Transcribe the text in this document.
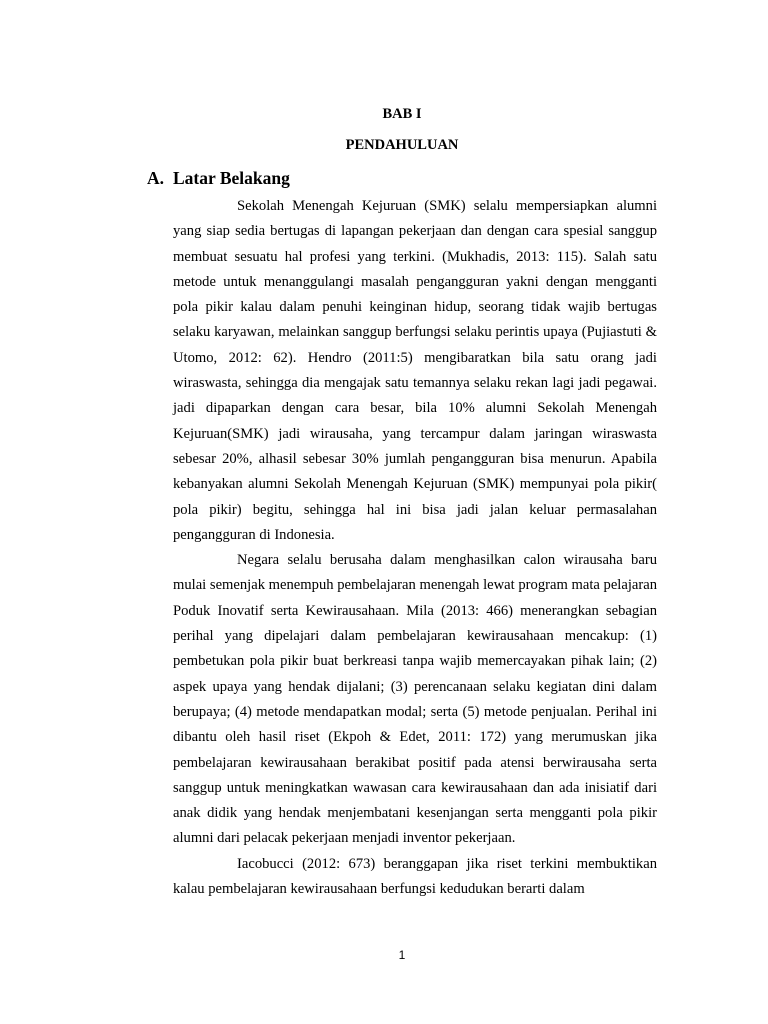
BAB I
PENDAHULUAN
A. Latar Belakang

Sekolah Menengah Kejuruan (SMK) selalu mempersiapkan alumni yang siap sedia bertugas di lapangan pekerjaan dan dengan cara spesial sanggup membuat sesuatu hal profesi yang terkini. (Mukhadis, 2013: 115). Salah satu metode untuk menanggulangi masalah pengangguran yakni dengan mengganti pola pikir kalau dalam penuhi keinginan hidup, seorang tidak wajib bertugas selaku karyawan, melainkan sanggup berfungsi selaku perintis upaya (Pujiastuti & Utomo, 2012: 62). Hendro (2011:5) mengibaratkan bila satu orang jadi wiraswasta, sehingga dia mengajak satu temannya selaku rekan lagi jadi pegawai. jadi dipaparkan dengan cara besar, bila 10% alumni Sekolah Menengah Kejuruan(SMK) jadi wirausaha, yang tercampur dalam jaringan wiraswasta sebesar 20%, alhasil sebesar 30% jumlah pengangguran bisa menurun. Apabila kebanyakan alumni Sekolah Menengah Kejuruan (SMK) mempunyai pola pikir( pola pikir) begitu, sehingga hal ini bisa jadi jalan keluar permasalahan pengangguran di Indonesia.

Negara selalu berusaha dalam menghasilkan calon wirausaha baru mulai semenjak menempuh pembelajaran menengah lewat program mata pelajaran Poduk Inovatif serta Kewirausahaan. Mila (2013: 466) menerangkan sebagian perihal yang dipelajari dalam pembelajaran kewirausahaan mencakup: (1) pembetukan pola pikir buat berkreasi tanpa wajib memercayakan pihak lain; (2) aspek upaya yang hendak dijalani; (3) perencanaan selaku kegiatan dini dalam berupaya; (4) metode mendapatkan modal; serta (5) metode penjualan. Perihal ini dibantu oleh hasil riset (Ekpoh & Edet, 2011: 172) yang merumuskan jika pembelajaran kewirausahaan berakibat positif pada atensi berwirausaha serta sanggup untuk meningkatkan wawasan cara kewirausahaan dan ada inisiatif dari anak didik yang hendak menjembatani kesenjangan serta mengganti pola pikir alumni dari pelacak pekerjaan menjadi inventor pekerjaan.

Iacobucci (2012: 673) beranggapan jika riset terkini membuktikan kalau pembelajaran kewirausahaan berfungsi kedudukan berarti dalam

1
